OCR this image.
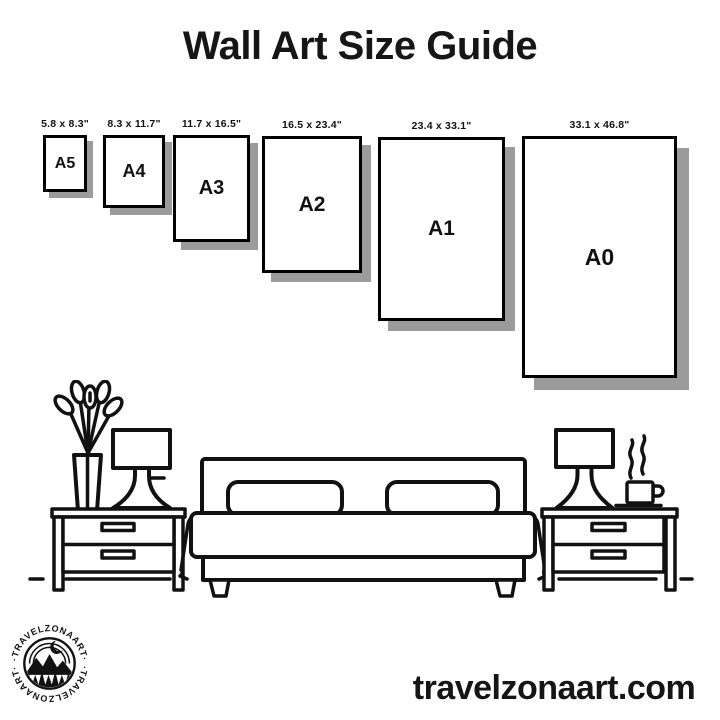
Wall Art Size Guide
5.8 x 8.3"
A5
8.3 x 11.7"
A4
11.7 x 16.5"
A3
16.5 x 23.4"
A2
23.4 x 33.1"
A1
33.1 x 46.8"
A0
·TRAVELZONAART·
·TRAVELZONAART·
travelzonaart.com
